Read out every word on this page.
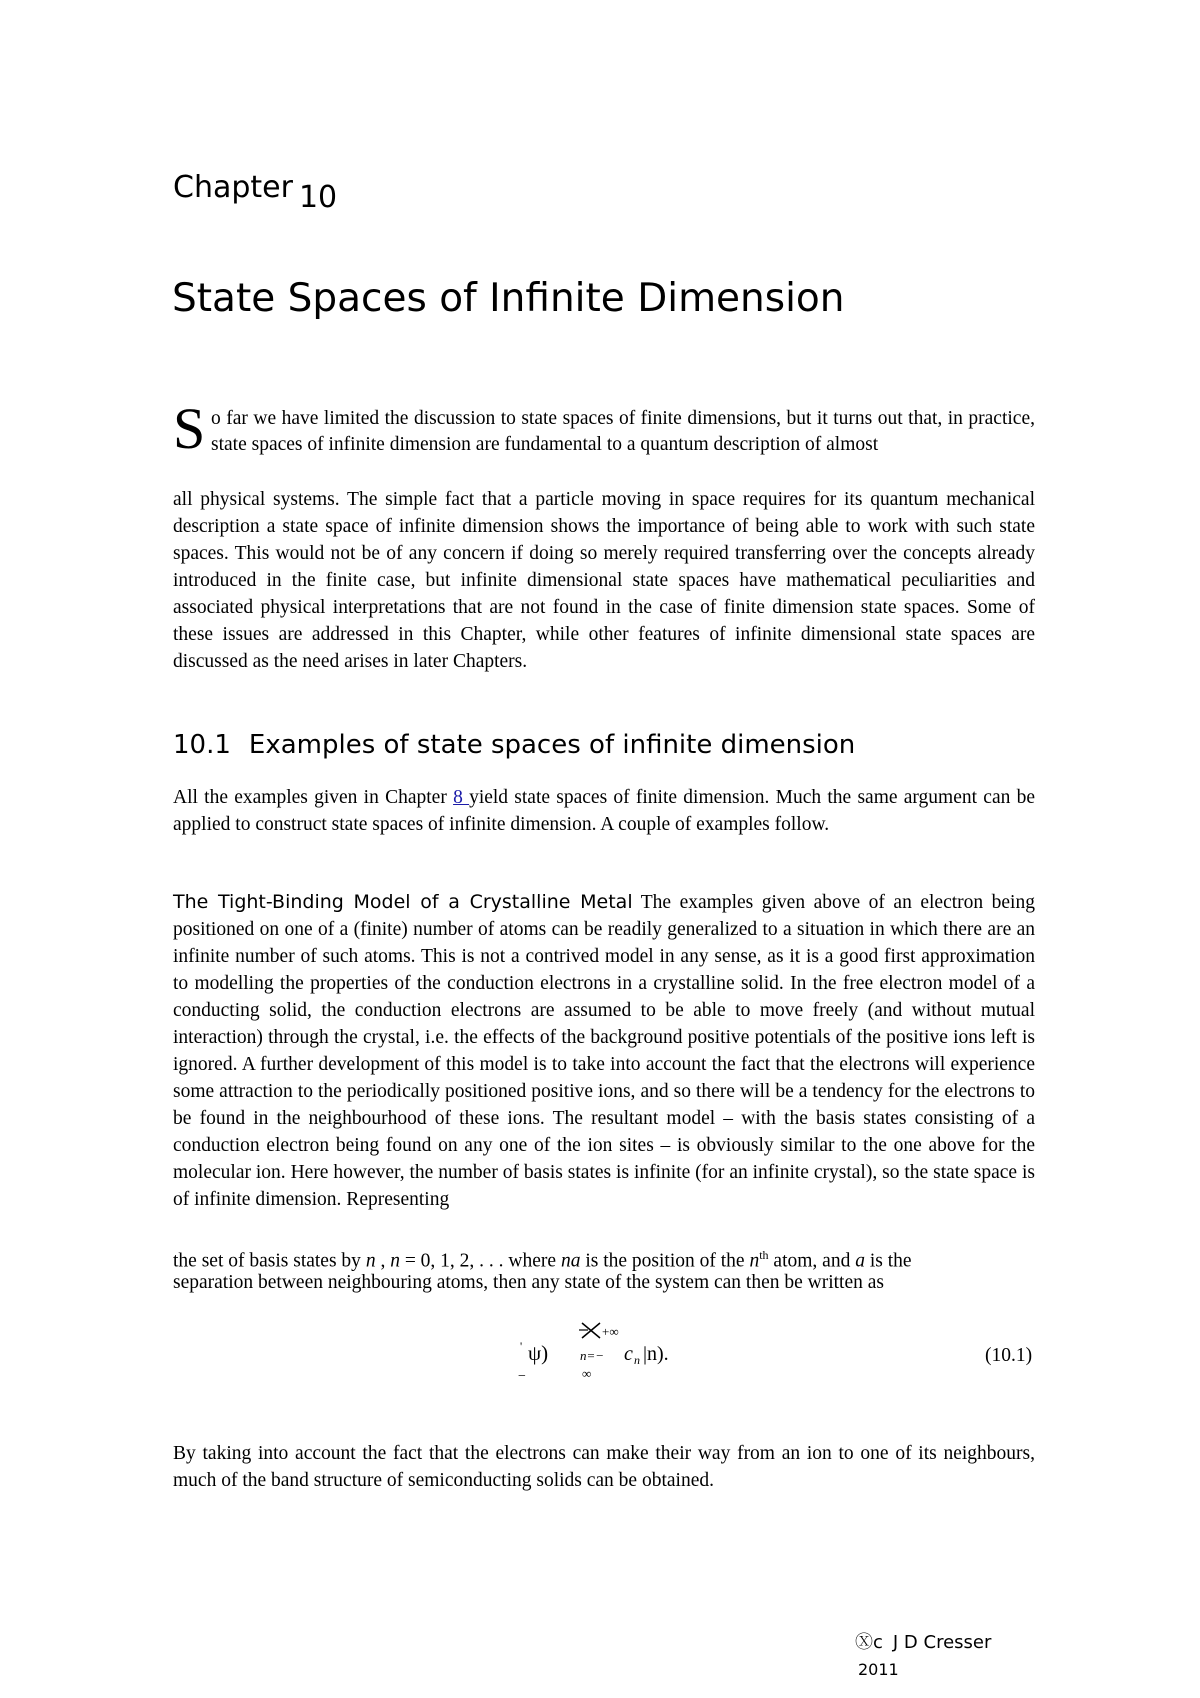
Chapter 10
State Spaces of Infinite Dimension
S o far we have limited the discussion to state spaces of finite dimensions, but it turns out that, in practice, state spaces of infinite dimension are fundamental to a quantum description of almost

all physical systems. The simple fact that a particle moving in space requires for its quantum mechanical description a state space of infinite dimension shows the importance of being able to work with such state spaces. This would not be of any concern if doing so merely required transferring over the concepts already introduced in the finite case, but infinite dimensional state spaces have mathematical peculiarities and associated physical interpretations that are not found in the case of finite dimension state spaces. Some of these issues are addressed in this Chapter, while other features of infinite dimensional state spaces are discussed as the need arises in later Chapters.

10.1 Examples of state spaces of infinite dimension

All the examples given in Chapter 8 yield state spaces of finite dimension. Much the same argument can be applied to construct state spaces of infinite dimension. A couple of examples follow.

The Tight-Binding Model of a Crystalline Metal The examples given above of an electron being positioned on one of a (finite) number of atoms can be readily generalized to a situation in which there are an infinite number of such atoms. This is not a contrived model in any sense, as it is a good first approximation to modelling the properties of the conduction electrons in a crystalline solid. In the free electron model of a conducting solid, the conduction electrons are assumed to be able to move freely (and without mutual interaction) through the crystal, i.e. the effects of the background positive potentials of the positive ions left is ignored. A further development of this model is to take into account the fact that the electrons will experience some attraction to the periodically positioned positive ions, and so there will be a tendency for the electrons to be found in the neighbourhood of these ions. The resultant model – with the basis states consisting of a conduction electron being found on any one of the ion sites – is obviously similar to the one above for the molecular ion. Here however, the number of basis states is infinite (for an infinite crystal), so the state space is of infinite dimension. Representing

the set of basis states by n , n = 0, 1, 2, . . . where na is the position of the $n^{th}$ atom, and a is the

separation between neighbouring atoms, then any state of the system can then be written as

+∞
' ψ)
−
n=−
∞
c n |n).	(10.1)

By taking into account the fact that the electrons can make their way from an ion to one of its neighbours, much of the band structure of semiconducting solids can be obtained.

Ⓧc J D Cresser
2011
